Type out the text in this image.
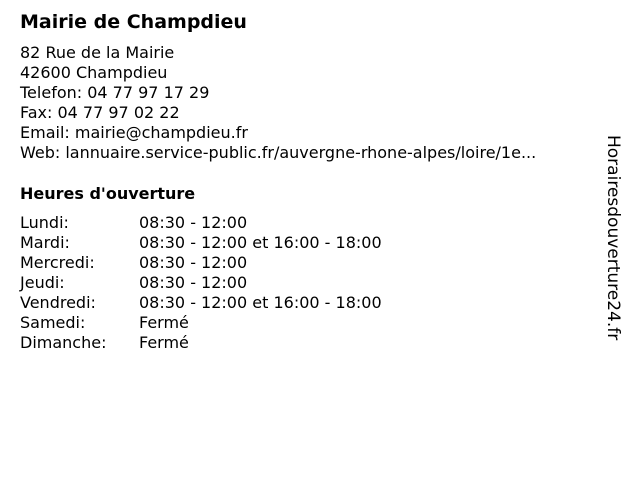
Mairie de Champdieu
82 Rue de la Mairie
42600 Champdieu
Telefon: 04 77 97 17 29
Fax: 04 77 97 02 22
Email: mairie@champdieu.fr
Web: lannuaire.service-public.fr/auvergne-rhone-alpes/loire/1e...
Heures d'ouverture
Lundi:	08:30 - 12:00
Mardi:	08:30 - 12:00 et 16:00 - 18:00
Mercredi:	08:30 - 12:00
Jeudi:	08:30 - 12:00
Vendredi:	08:30 - 12:00 et 16:00 - 18:00
Samedi:	Fermé
Dimanche: Fermé
Horairesdouverture24.fr
